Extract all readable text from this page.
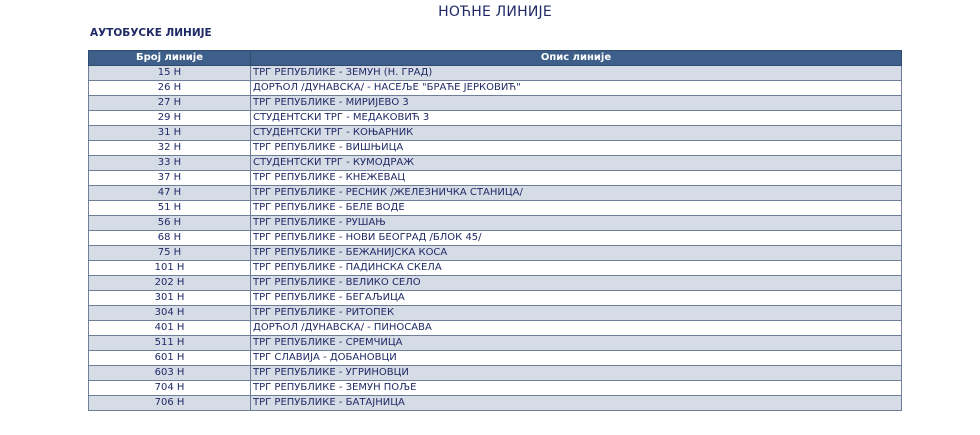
НОЋНЕ ЛИНИЈЕ
АУТОБУСКЕ ЛИНИЈЕ
Број линије	Опис линије
15 Н	ТРГ РЕПУБЛИКЕ - ЗЕМУН (Н. ГРАД)
26 Н	ДОРЋОЛ /ДУНАВСКА/ - НАСЕЉЕ "БРАЋЕ ЈЕРКОВИЋ"
27 Н	ТРГ РЕПУБЛИКЕ - МИРИЈЕВО 3
29 Н	СТУДЕНТСКИ ТРГ - МЕДАКОВИЋ 3
31 Н	СТУДЕНТСКИ ТРГ - КОЊАРНИК
32 Н	ТРГ РЕПУБЛИКЕ - ВИШЊИЦА
33 Н	СТУДЕНТСКИ ТРГ - КУМОДРАЖ
37 Н	ТРГ РЕПУБЛИКЕ - КНЕЖЕВАЦ
47 Н	ТРГ РЕПУБЛИКЕ - РЕСНИК /ЖЕЛЕЗНИЧКА СТАНИЦА/
51 Н	ТРГ РЕПУБЛИКЕ - БЕЛЕ ВОДЕ
56 Н	ТРГ РЕПУБЛИКЕ - РУШАЊ
68 Н	ТРГ РЕПУБЛИКЕ - НОВИ БЕОГРАД /БЛОК 45/
75 Н	ТРГ РЕПУБЛИКЕ - БЕЖАНИЈСКА КОСА
101 Н	ТРГ РЕПУБЛИКЕ - ПАДИНСКА СКЕЛА
202 Н	ТРГ РЕПУБЛИКЕ - ВЕЛИКО СЕЛО
301 Н	ТРГ РЕПУБЛИКЕ - БЕГАЉИЦА
304 Н	ТРГ РЕПУБЛИКЕ - РИТОПЕК
401 Н	ДОРЋОЛ /ДУНАВСКА/ - ПИНОСАВА
511 Н	ТРГ РЕПУБЛИКЕ - СРЕМЧИЦА
601 Н	ТРГ СЛАВИЈА - ДОБАНОВЦИ
603 Н	ТРГ РЕПУБЛИКЕ - УГРИНОВЦИ
704 Н	ТРГ РЕПУБЛИКЕ - ЗЕМУН ПОЉЕ
706 Н	ТРГ РЕПУБЛИКЕ - БАТАЈНИЦА
